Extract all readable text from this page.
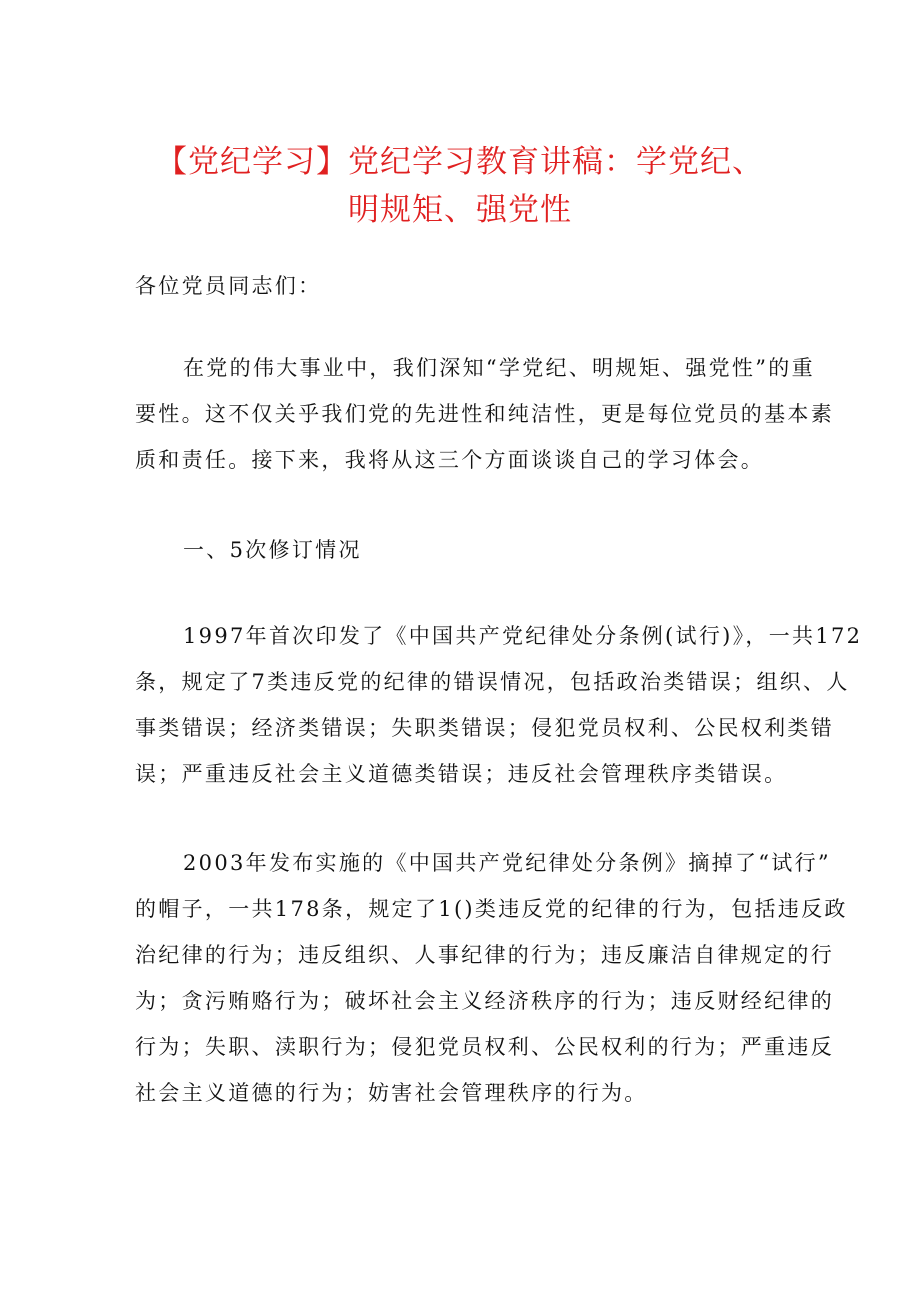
【党纪学习】党纪学习教育讲稿：学党纪、
明规矩、强党性
各位党员同志们：
在党的伟大事业中，我们深知“学党纪、明规矩、强党性”的重
要性。这不仅关乎我们党的先进性和纯洁性，更是每位党员的基本素
质和责任。接下来，我将从这三个方面谈谈自己的学习体会。
一、5次修订情况
1997年首次印发了《中国共产党纪律处分条例(试行)》，一共172
条，规定了7类违反党的纪律的错误情况，包括政治类错误；组织、人
事类错误；经济类错误；失职类错误；侵犯党员权利、公民权利类错
误；严重违反社会主义道德类错误；违反社会管理秩序类错误。
2003年发布实施的《中国共产党纪律处分条例》摘掉了“试行”
的帽子，一共178条，规定了1()类违反党的纪律的行为，包括违反政
治纪律的行为；违反组织、人事纪律的行为；违反廉洁自律规定的行
为；贪污贿赂行为；破坏社会主义经济秩序的行为；违反财经纪律的
行为；失职、渎职行为；侵犯党员权利、公民权利的行为；严重违反
社会主义道德的行为；妨害社会管理秩序的行为。
